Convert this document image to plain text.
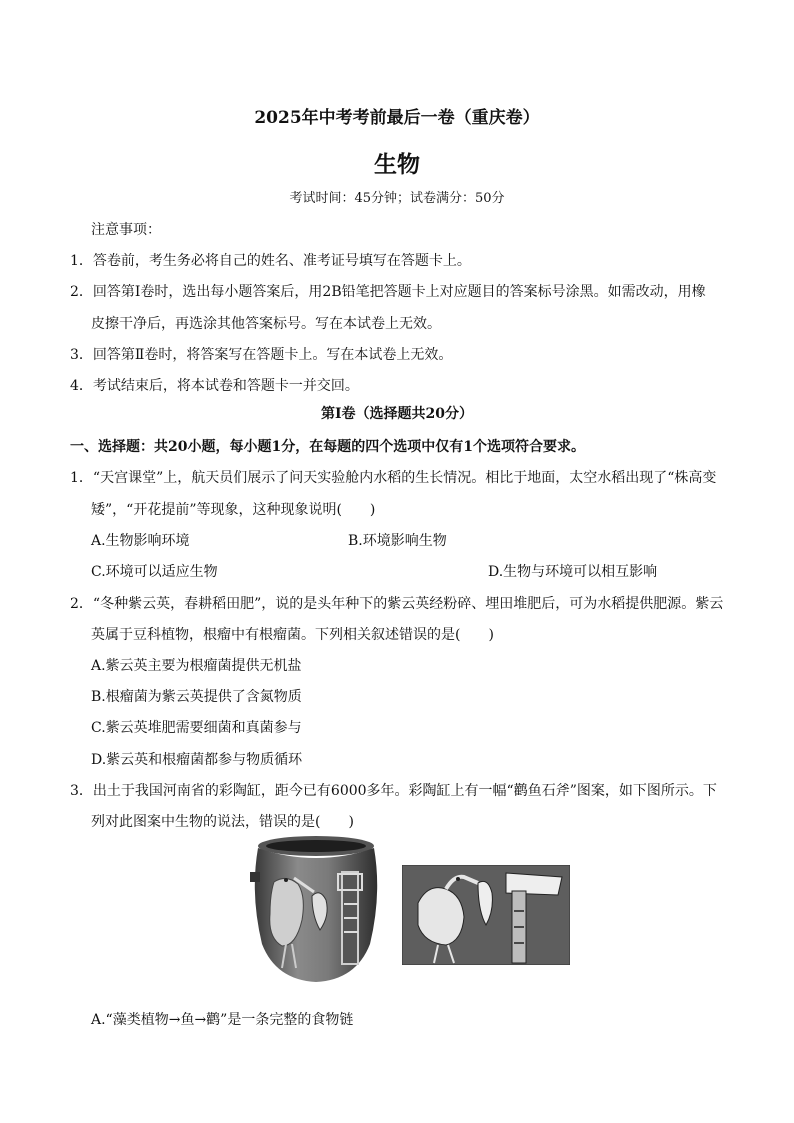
2025年中考考前最后一卷（重庆卷）
生物
考试时间：45分钟；试卷满分：50分
注意事项：
1．答卷前，考生务必将自己的姓名、准考证号填写在答题卡上。
2．回答第Ⅰ卷时，选出每小题答案后，用2B铅笔把答题卡上对应题目的答案标号涂黑。如需改动，用橡
皮擦干净后，再选涂其他答案标号。写在本试卷上无效。
3．回答第Ⅱ卷时，将答案写在答题卡上。写在本试卷上无效。
4．考试结束后，将本试卷和答题卡一并交回。
第Ⅰ卷（选择题共20分）
一、选择题：共20小题，每小题1分，在每题的四个选项中仅有1个选项符合要求。
1．“天宫课堂”上，航天员们展示了问天实验舱内水稻的生长情况。相比于地面，太空水稻出现了“株高变
矮”，“开花提前”等现象，这种现象说明(　　)
A.生物影响环境	B.环境影响生物
C.环境可以适应生物	D.生物与环境可以相互影响
2．“冬种紫云英，春耕稻田肥”，说的是头年种下的紫云英经粉碎、埋田堆肥后，可为水稻提供肥源。紫云
英属于豆科植物，根瘤中有根瘤菌。下列相关叙述错误的是(　　)
A.紫云英主要为根瘤菌提供无机盐
B.根瘤菌为紫云英提供了含氮物质
C.紫云英堆肥需要细菌和真菌参与
D.紫云英和根瘤菌都参与物质循环
3．出土于我国河南省的彩陶缸，距今已有6000多年。彩陶缸上有一幅“鹳鱼石斧”图案，如下图所示。下
列对此图案中生物的说法，错误的是(　　)
A.“藻类植物→鱼→鹳”是一条完整的食物链
